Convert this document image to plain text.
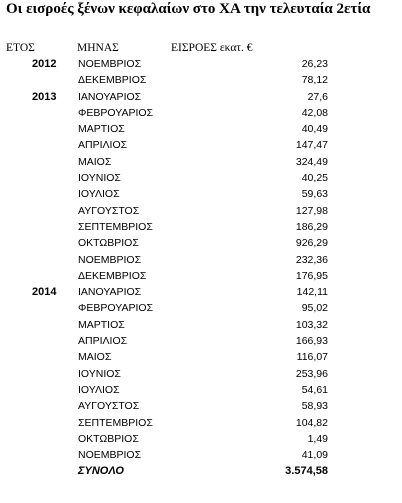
Οι εισροές ξένων κεφαλαίων στο ΧΑ την τελευταία 2ετία
ΕΤΟΣ	ΜΗΝΑΣ	ΕΙΣΡΟΕΣ εκατ. €
2012 ΝΟΕΜΒΡΙΟΣ	26,23
ΔΕΚΕΜΒΡΙΟΣ	78,12
2013 ΙΑΝΟΥΑΡΙΟΣ	27,6
ΦΕΒΡΟΥΑΡΙΟΣ	42,08
ΜΑΡΤΙΟΣ	40,49
ΑΠΡΙΛΙΟΣ	147,47
ΜΑΙΟΣ	324,49
ΙΟΥΝΙΟΣ	40,25
ΙΟΥΛΙΟΣ	59,63
ΑΥΓΟΥΣΤΟΣ	127,98
ΣΕΠΤΕΜΒΡΙΟΣ	186,29
ΟΚΤΩΒΡΙΟΣ	926,29
ΝΟΕΜΒΡΙΟΣ	232,36
ΔΕΚΕΜΒΡΙΟΣ	176,95
2014 ΙΑΝΟΥΑΡΙΟΣ	142,11
ΦΕΒΡΟΥΑΡΙΟΣ	95,02
ΜΑΡΤΙΟΣ	103,32
ΑΠΡΙΛΙΟΣ	166,93
ΜΑΙΟΣ	116,07
ΙΟΥΝΙΟΣ	253,96
ΙΟΥΛΙΟΣ	54,61
ΑΥΓΟΥΣΤΟΣ	58,93
ΣΕΠΤΕΜΒΡΙΟΣ	104,82
ΟΚΤΩΒΡΙΟΣ	1,49
ΝΟΕΜΒΡΙΟΣ	41,09
ΣΥΝΟΛΟ	3.574,58
